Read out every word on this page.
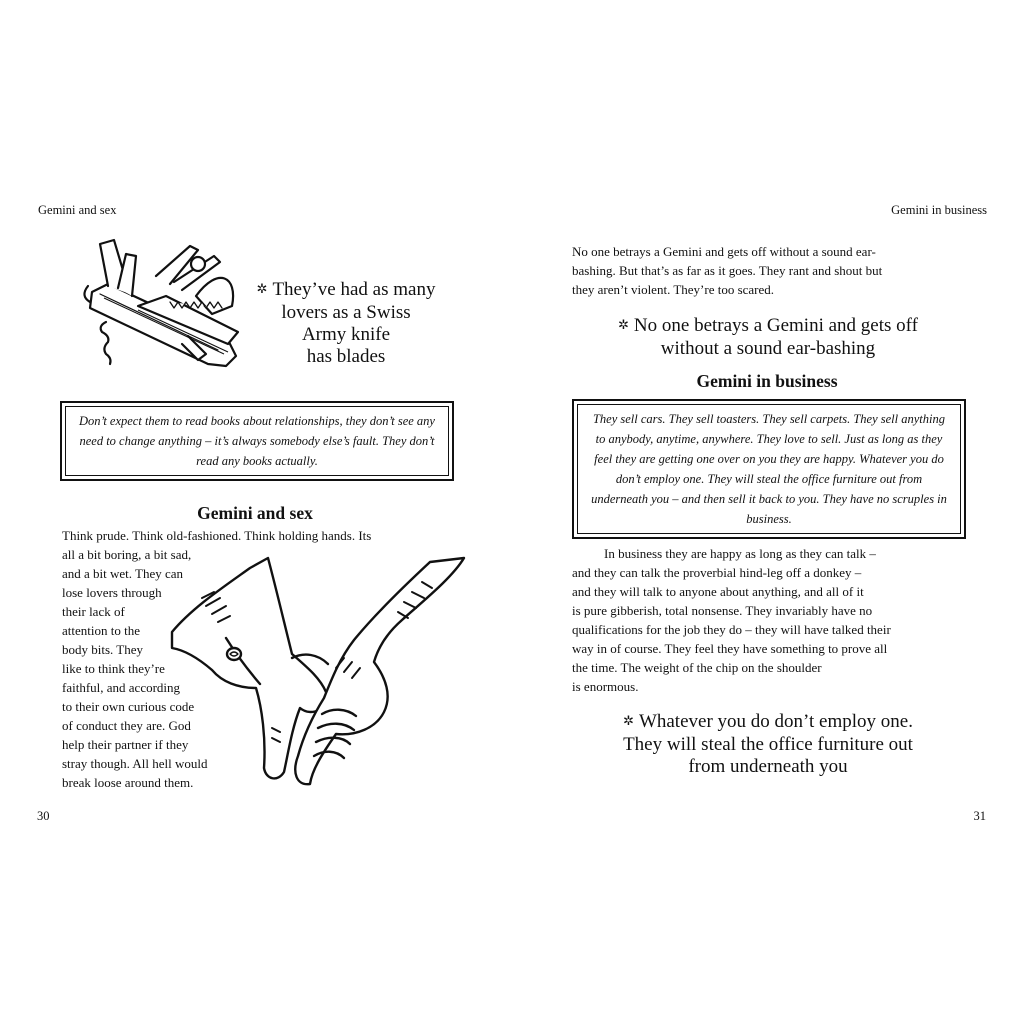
Gemini and sex
✲ They’ve had as many
lovers as a Swiss
Army knife
has blades
Don’t expect them to read books about relationships, they don’t see any need to change anything – it’s always somebody else’s fault. They don’t read any books actually.
Gemini and sex

Think prude. Think old-fashioned. Think holding hands. Its

all a bit boring, a bit sad,

and a bit wet. They can

lose lovers through

their lack of

attention to the

body bits. They

like to think they’re

faithful, and according

to their own curious code

of conduct they are. God

help their partner if they

stray though. All hell would

break loose around them.

30
Gemini in business

No one betrays a Gemini and gets off without a sound ear-

bashing. But that’s as far as it goes. They rant and shout but

they aren’t violent. They’re too scared.

✲ No one betrays a Gemini and gets off
without a sound ear-bashing
Gemini in business
They sell cars. They sell toasters. They sell carpets. They sell anything to anybody, anytime, anywhere. They love to sell. Just as long as they feel they are getting one over on you they are happy. Whatever you do don’t employ one. They will steal the office furniture out from underneath you – and then sell it back to you. They have no scruples in business.

In business they are happy as long as they can talk –

and they can talk the proverbial hind-leg off a donkey –

and they will talk to anyone about anything, and all of it

is pure gibberish, total nonsense. They invariably have no

qualifications for the job they do – they will have talked their

way in of course. They feel they have something to prove all

the time. The weight of the chip on the shoulder

is enormous.

✲ Whatever you do don’t employ one.
They will steal the office furniture out
from underneath you
31
